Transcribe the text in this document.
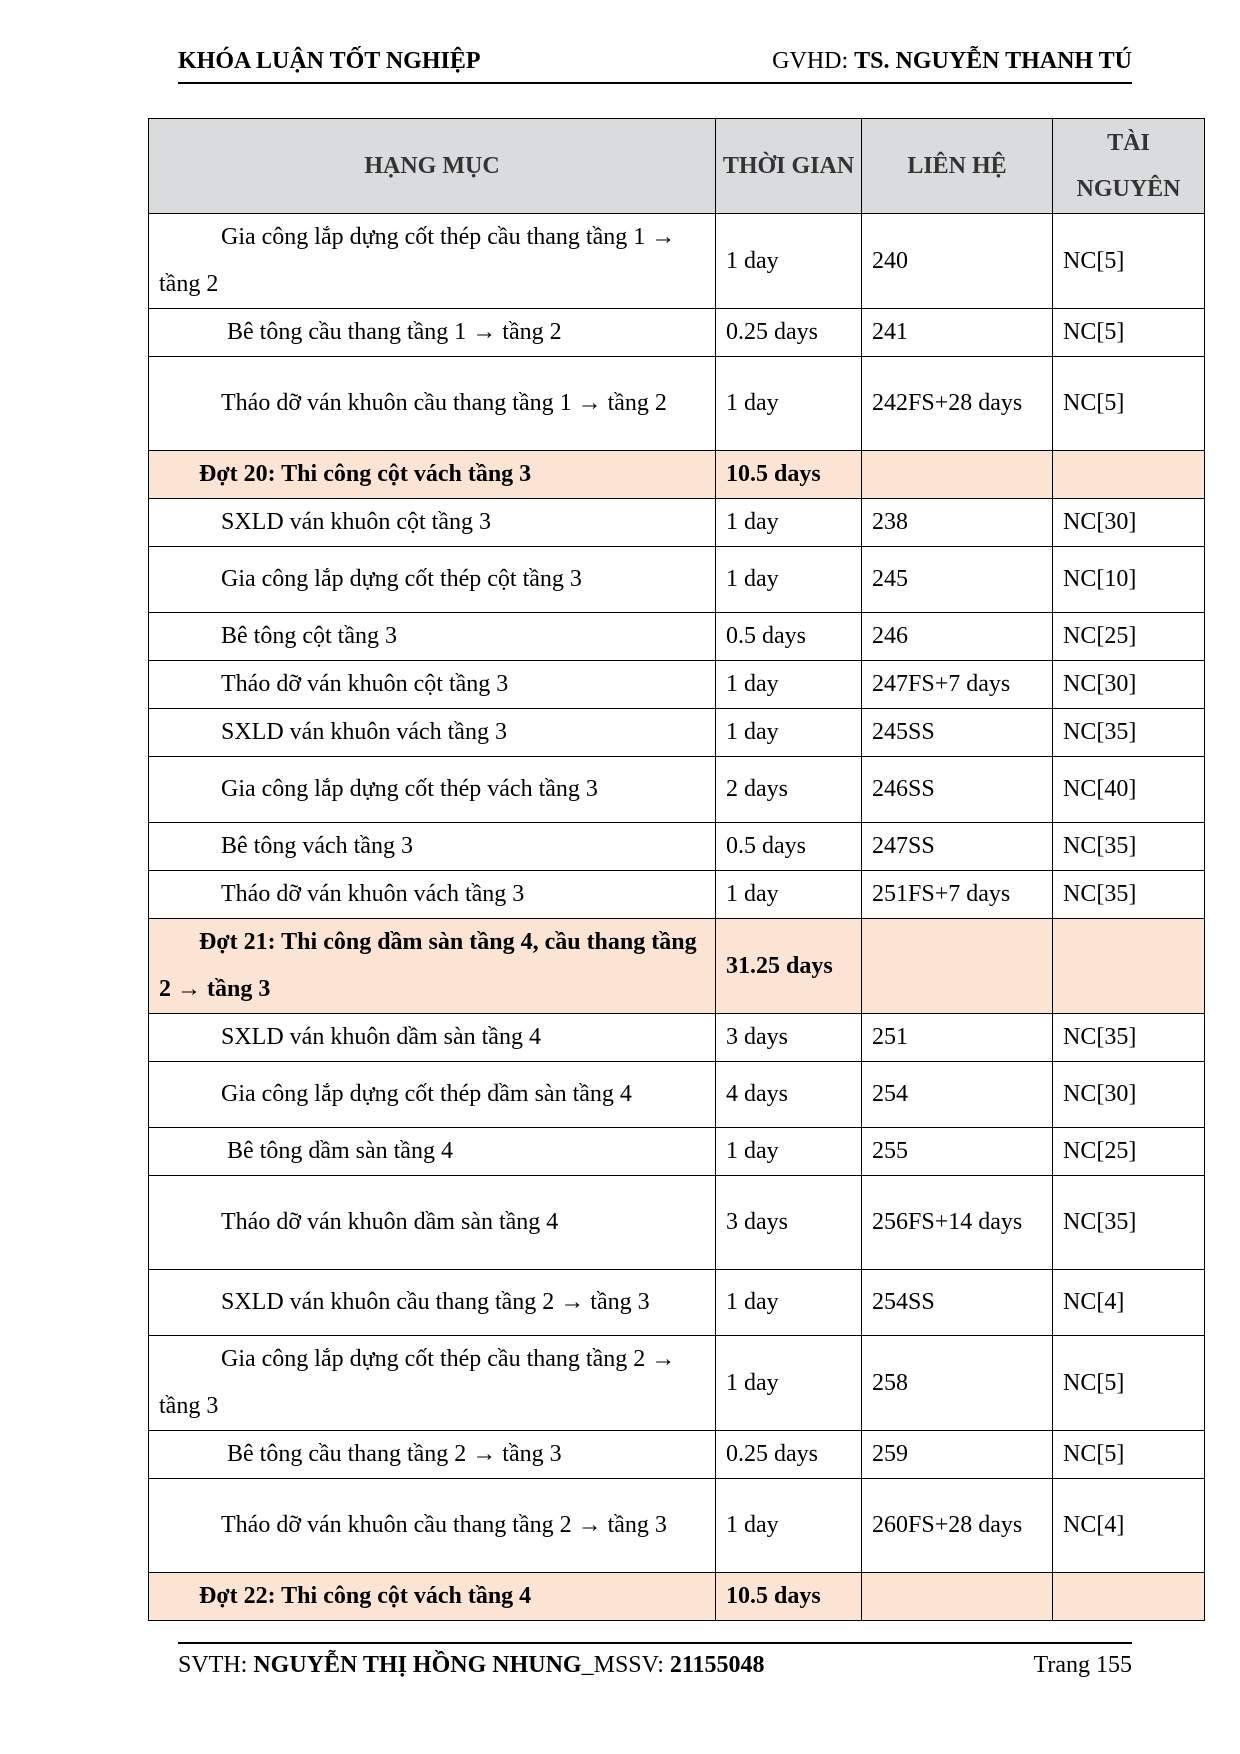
KHÓA LUẬN TỐT NGHIỆP	GVHD: TS. NGUYỄN THANH TÚ
HẠNG MỤC	THỜI GIAN	LIÊN HỆ	TÀI NGUYÊN

Gia công lắp dựng cốt thép cầu thang tầng 1 → tầng 2	1 day	240	NC[5]

Bê tông cầu thang tầng 1 → tầng 2	0.25 days	241	NC[5]

Tháo dỡ ván khuôn cầu thang tầng 1 → tầng 2	1 day	242FS+28 days	NC[5]

Đợt 20: Thi công cột vách tầng 3	10.5 days		

SXLD ván khuôn cột tầng 3	1 day	238	NC[30]

Gia công lắp dựng cốt thép cột tầng 3	1 day	245	NC[10]

Bê tông cột tầng 3	0.5 days	246	NC[25]

Tháo dỡ ván khuôn cột tầng 3	1 day	247FS+7 days	NC[30]

SXLD ván khuôn vách tầng 3	1 day	245SS	NC[35]

Gia công lắp dựng cốt thép vách tầng 3	2 days	246SS	NC[40]

Bê tông vách tầng 3	0.5 days	247SS	NC[35]

Tháo dỡ ván khuôn vách tầng 3	1 day	251FS+7 days	NC[35]

Đợt 21: Thi công dầm sàn tầng 4, cầu thang tầng 2 → tầng 3	31.25 days		

SXLD ván khuôn dầm sàn tầng 4	3 days	251	NC[35]

Gia công lắp dựng cốt thép dầm sàn tầng 4	4 days	254	NC[30]

Bê tông dầm sàn tầng 4	1 day	255	NC[25]

Tháo dỡ ván khuôn dầm sàn tầng 4	3 days	256FS+14 days	NC[35]

SXLD ván khuôn cầu thang tầng 2 → tầng 3	1 day	254SS	NC[4]

Gia công lắp dựng cốt thép cầu thang tầng 2 → tầng 3	1 day	258	NC[5]

Bê tông cầu thang tầng 2 → tầng 3	0.25 days	259	NC[5]

Tháo dỡ ván khuôn cầu thang tầng 2 → tầng 3	1 day	260FS+28 days	NC[4]

Đợt 22: Thi công cột vách tầng 4	10.5 days		
SVTH: NGUYỄN THỊ HỒNG NHUNG_MSSV: 21155048	Trang 155
